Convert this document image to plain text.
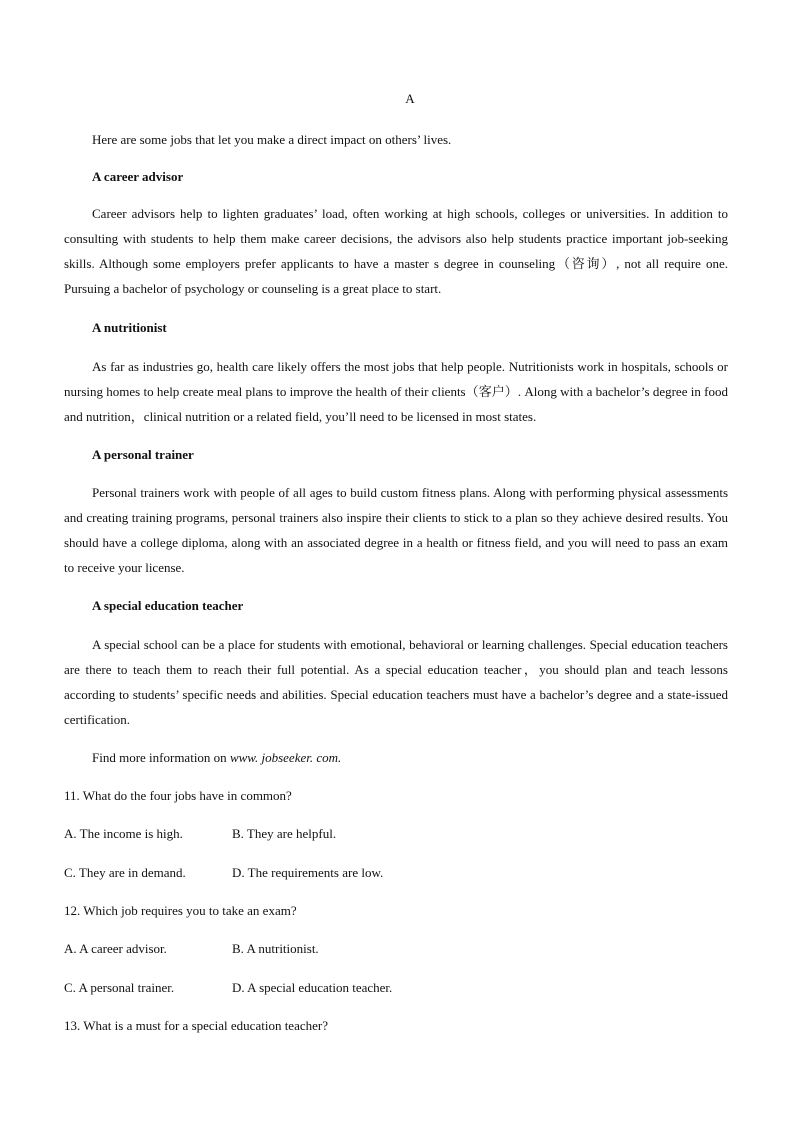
A

Here are some jobs that let you make a direct impact on others’ lives.

A career advisor

Career advisors help to lighten graduates’ load, often working at high schools, colleges or universities. In addition to consulting with students to help them make career decisions, the advisors also help students practice important job-seeking skills. Although some employers prefer applicants to have a master s degree in counseling（咨询）, not all require one. Pursuing a bachelor of psychology or counseling is a great place to start.

A nutritionist

As far as industries go, health care likely offers the most jobs that help people. Nutritionists work in hospitals, schools or nursing homes to help create meal plans to improve the health of their clients（客户）. Along with a bachelor’s degree in food and nutrition，clinical nutrition or a related field, you’ll need to be licensed in most states.

A personal trainer

Personal trainers work with people of all ages to build custom fitness plans. Along with performing physical assessments and creating training programs, personal trainers also inspire their clients to stick to a plan so they achieve desired results. You should have a college diploma, along with an associated degree in a health or fitness field, and you will need to pass an exam to receive your license.

A special education teacher

A special school can be a place for students with emotional, behavioral or learning challenges. Special education teachers are there to teach them to reach their full potential. As a special education teacher，you should plan and teach lessons according to students’ specific needs and abilities. Special education teachers must have a bachelor’s degree and a state-issued certification.

Find more information on www. jobseeker. com.

11. What do the four jobs have in common?

A. The income is high.	B. They are helpful.

C. They are in demand.	D. The requirements are low.

12. Which job requires you to take an exam?

A. A career advisor.	B. A nutritionist.

C. A personal trainer.	D. A special education teacher.

13. What is a must for a special education teacher?
